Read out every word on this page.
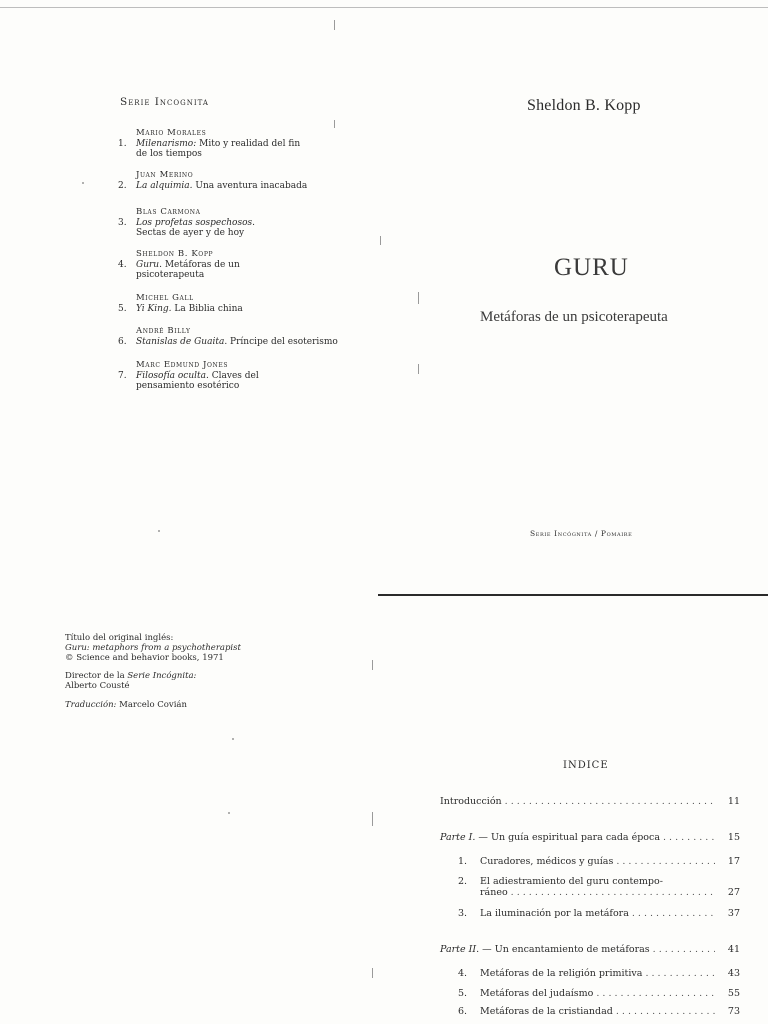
Serie Incognita
Mario Morales
1.	Milenarismo: Mito y realidad del fin
de los tiempos
Juan Merino
2.	La alquimia. Una aventura inacabada
Blas Carmona
3.	Los profetas sospechosos.
Sectas de ayer y de hoy
Sheldon B. Kopp
4.	Guru. Metáforas de un
psicoterapeuta
Michel Gall
5.	Yi King. La Biblia china
André Billy
6.	Stanislas de Guaita. Príncipe del esoterismo
Marc Edmund Jones
7.	Filosofía oculta. Claves del
pensamiento esotérico
Título del original inglés:
Guru: metaphors from a psychotherapist
© Science and behavior books, 1971
Director de la Serie Incógnita:
Alberto Cousté
Traducción: Marcelo Covián
Sheldon B. Kopp
GURU
Metáforas de un psicoterapeuta
Serie Incógnita / Pomaire
INDICE
Introducción . . .	11
Parte I. — Un guía espiritual para cada época . . .	15
1. Curadores, médicos y guías . . .	17
2. El adiestramiento del guru contempo-
ráneo . . .	27
3. La iluminación por la metáfora . . .	37
Parte II. — Un encantamiento de metáforas . . .	41
4. Metáforas de la religión primitiva . . .	43
5. Metáforas del judaísmo . . .	55
6. Metáforas de la cristiandad . . .	73
